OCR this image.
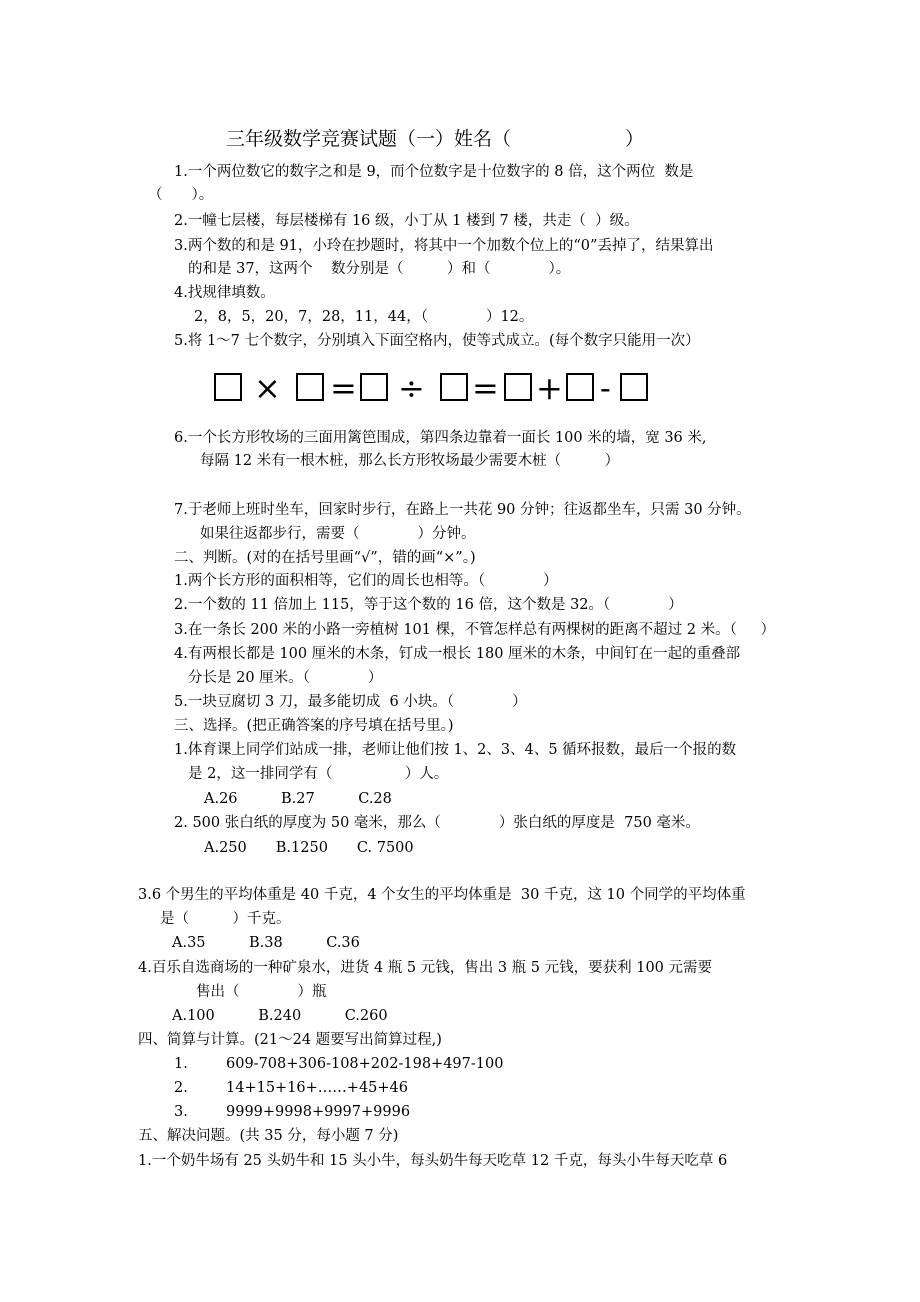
三年级数学竞赛试题（一）姓名（　　　　　　）
1.一个两位数它的数字之和是 9，而个位数字是十位数字的 8 倍，这个两位  数是
（　　）。
2.一幢七层楼，每层楼梯有 16 级，小丁从 1 楼到 7 楼，共走（  ）级。
3.两个数的和是 91，小玲在抄题时，将其中一个加数个位上的“0”丢掉了，结果算出
的和是 37，这两个    数分别是（　　　）和（　　　　）。
4.找规律填数。
2，8，5，20，7，28，11，44，（　　　　）12。
5.将 1～7 七个数字，分别填入下面空格内，使等式成立。(每个数字只能用一次）
× = ÷ = + -
6.一个长方形牧场的三面用篱笆围成，第四条边靠着一面长 100 米的墙，宽 36 米,
每隔 12 米有一根木桩，那么长方形牧场最少需要木桩（　　　）
7.于老师上班时坐车，回家时步行，在路上一共花 90 分钟；往返都坐车，只需 30 分钟。
如果往返都步行，需要（　　　　）分钟。
二、判断。(对的在括号里画“√”，错的画“×”。)
1.两个长方形的面积相等，它们的周长也相等。（　　　　）
2.一个数的 11 倍加上 115，等于这个数的 16 倍，这个数是 32。（　　　　）
3.在一条长 200 米的小路一旁植树 101 棵，不管怎样总有两棵树的距离不超过 2 米。（　  ）
4.有两根长都是 100 厘米的木条，钉成一根长 180 厘米的木条，中间钉在一起的重叠部
分长是 20 厘米。（　　　　）
5.一块豆腐切 3 刀，最多能切成  6 小块。（　　　　）
三、选择。(把正确答案的序号填在括号里。)
1.体育课上同学们站成一排，老师让他们按 1、2、3、4、5 循环报数，最后一个报的数
是 2，这一排同学有（　　　　　）人。
A.26　　　B.27　　　C.28
2. 500 张白纸的厚度为 50 毫米，那么（　　　　）张白纸的厚度是  750 毫米。
A.250　　B.1250　　C. 7500
3.6 个男生的平均体重是 40 千克，4 个女生的平均体重是  30 千克，这 10 个同学的平均体重
是（　　　）千克。
A.35　　　B.38　　　C.36
4.百乐自选商场的一种矿泉水，进货 4 瓶 5 元钱，售出 3 瓶 5 元钱，要获利 100 元需要
售出（　　　　）瓶
A.100　　　B.240　　　C.260
四、简算与计算。(21～24 题要写出简算过程,)
1.	609-708+306-108+202-198+497-100
2.	14+15+16+……+45+46
3.	9999+9998+9997+9996
五、解决问题。(共 35 分，每小题 7 分)
1.一个奶牛场有 25 头奶牛和 15 头小牛，每头奶牛每天吃草 12 千克，每头小牛每天吃草 6
